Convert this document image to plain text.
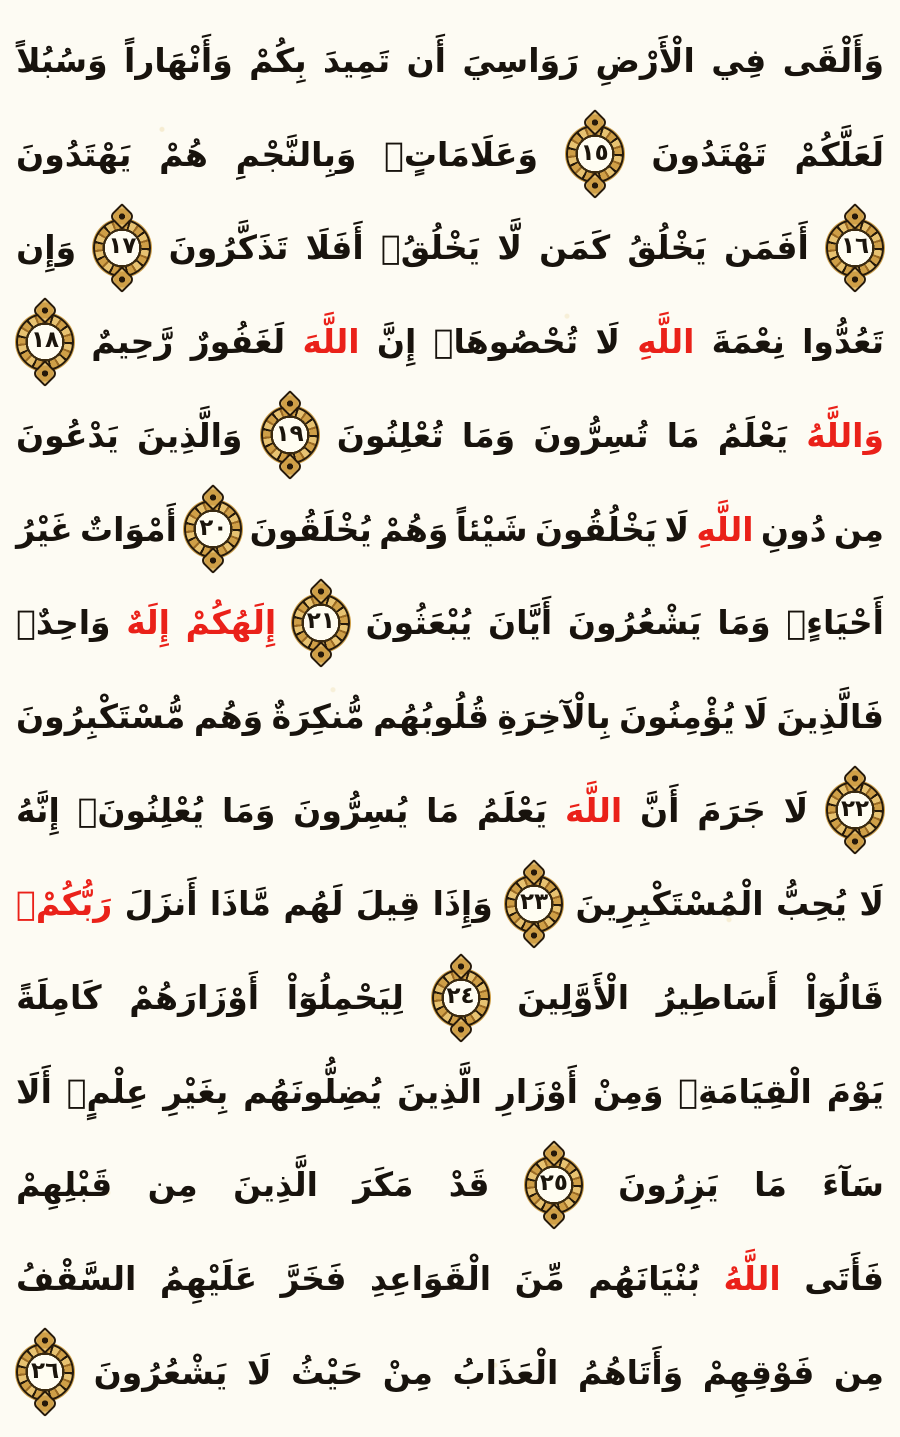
وَأَلْقَى
فِي
الْأَرْضِ
رَوَاسِيَ
أَن
تَمِيدَ
بِكُمْ
وَأَنْهَاراً
وَسُبُلاً
لَعَلَّكُمْ
تَهْتَدُونَ
١٥
وَعَلَامَاتٍۚ
وَبِالنَّجْمِ
هُمْ
يَهْتَدُونَ
١٦
أَفَمَن
يَخْلُقُ
كَمَن
لَّا
يَخْلُقُۚ
أَفَلَا
تَذَكَّرُونَ
١٧
وَإِن
تَعُدُّوا
نِعْمَةَ
اللَّهِ
لَا
تُحْصُوهَاۚ
إِنَّ
اللَّهَ
لَغَفُورٌ
رَّحِيمٌ
١٨
وَاللَّهُ
يَعْلَمُ
مَا
تُسِرُّونَ
وَمَا
تُعْلِنُونَ
١٩
وَالَّذِينَ
يَدْعُونَ
مِن
دُونِ
اللَّهِ
لَا
يَخْلُقُونَ
شَيْئاً
وَهُمْ
يُخْلَقُونَ
٢٠
أَمْوَاتٌ
غَيْرُ
أَحْيَاءٍۖ
وَمَا
يَشْعُرُونَ
أَيَّانَ
يُبْعَثُونَ
٢١
إِلَهُكُمْ
إِلَهٌ
وَاحِدٌۚ
فَالَّذِينَ
لَا
يُؤْمِنُونَ
بِالْآخِرَةِ
قُلُوبُهُم
مُّنكِرَةٌ
وَهُم
مُّسْتَكْبِرُونَ
٢٢
لَا
جَرَمَ
أَنَّ
اللَّهَ
يَعْلَمُ
مَا
يُسِرُّونَ
وَمَا
يُعْلِنُونَۚ
إِنَّهُ
لَا
يُحِبُّ
الْمُسْتَكْبِرِينَ
٢٣
وَإِذَا
قِيلَ
لَهُم
مَّاذَا
أَنزَلَ
رَبُّكُمْۙ
قَالُوٓاْ
أَسَاطِيرُ
الْأَوَّلِينَ
٢٤
لِيَحْمِلُوٓاْ
أَوْزَارَهُمْ
كَامِلَةً
يَوْمَ
الْقِيَامَةِۙ
وَمِنْ
أَوْزَارِ
الَّذِينَ
يُضِلُّونَهُم
بِغَيْرِ
عِلْمٍۗ
أَلَا
سَآءَ
مَا
يَزِرُونَ
٢٥
قَدْ
مَكَرَ
الَّذِينَ
مِن
قَبْلِهِمْ
فَأَتَى
اللَّهُ
بُنْيَانَهُم
مِّنَ
الْقَوَاعِدِ
فَخَرَّ
عَلَيْهِمُ
السَّقْفُ
مِن
فَوْقِهِمْ
وَأَتَاهُمُ
الْعَذَابُ
مِنْ
حَيْثُ
لَا
يَشْعُرُونَ
٢٦
